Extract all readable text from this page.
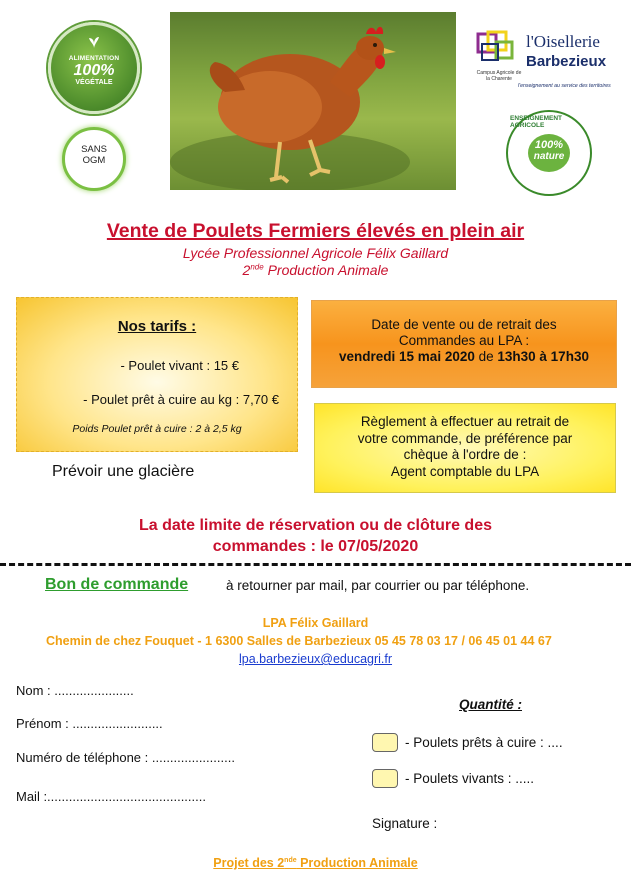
ALIMENTATION
100%
VÉGÉTALE
SANS
OGM
l'Oisellerie
Barbezieux
Campus Agricole de la Charente
l'enseignement au service des territoires
ENSEIGNEMENT AGRICOLE
100%
nature
Vente de Poulets Fermiers élevés en plein air
Lycée Professionnel Agricole Félix Gaillard
2nde Production Animale
Nos tarifs :
- Poulet vivant : 15 €
- Poulet prêt à cuire au kg : 7,70 €
Poids Poulet prêt à cuire : 2 à 2,5 kg
Prévoir une glacière
Date de vente ou de retrait des
Commandes au LPA :
vendredi 15 mai 2020 de 13h30 à 17h30
Règlement à effectuer au retrait de
votre commande, de préférence par
chèque à l'ordre de :
Agent comptable du LPA
La date limite de réservation ou de clôture des
commandes : le 07/05/2020
Bon de commande	à retourner par mail, par courrier ou par téléphone.
LPA Félix Gaillard
Chemin de chez Fouquet - 1 6300 Salles de Barbezieux 05 45 78 03 17 / 06 45 01 44 67
lpa.barbezieux@educagri.fr
Nom : ......................
Prénom : .........................
Numéro de téléphone : .......................
Mail :............................................
Quantité :
- Poulets prêts à cuire : ....
- Poulets vivants : .....
Signature :
Projet des 2nde Production Animale
